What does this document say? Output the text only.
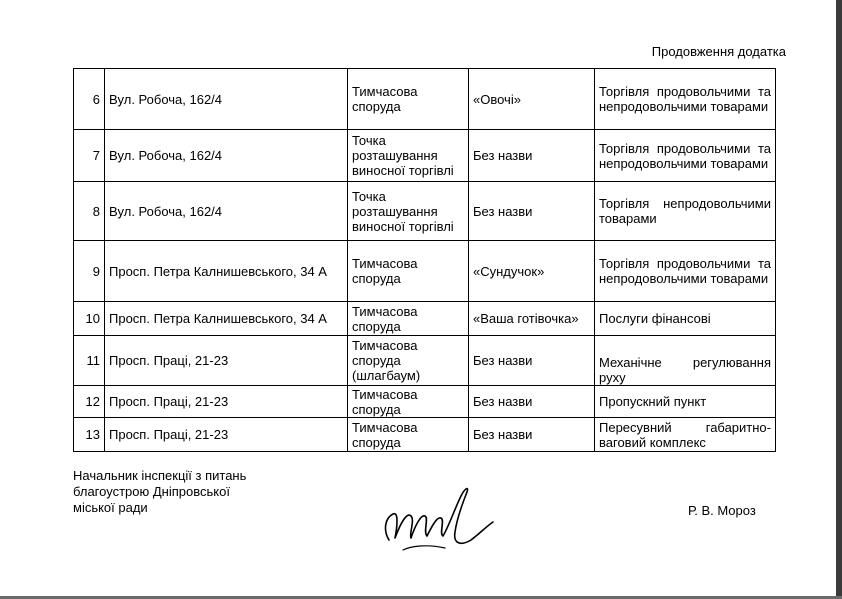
Продовження додатка
6	Вул. Робоча, 162/4	Тимчасова споруда	«Овочі»	Торгівля продовольчими та непродовольчими товарами
7	Вул. Робоча, 162/4	Точка розташування виносної торгівлі	Без назви	Торгівля продовольчими та непродовольчими товарами
8	Вул. Робоча, 162/4	Точка розташування виносної торгівлі	Без назви	Торгівля непродовольчими товарами
9	Просп. Петра Калнишевського, 34 А	Тимчасова споруда	«Сундучок»	Торгівля продовольчими та непродовольчими товарами
10	Просп. Петра Калнишевського, 34 А	Тимчасова споруда	«Ваша готівочка»	Послуги фінансові
11	Просп. Праці, 21-23	Тимчасова споруда (шлагбаум)	Без назви	Механічне регулювання руху
12	Просп. Праці, 21-23	Тимчасова споруда	Без назви	Пропускний пункт
13	Просп. Праці, 21-23	Тимчасова споруда	Без назви	Пересувний габаритно-ваговий комплекс
Начальник інспекції з питань
благоустрою Дніпровської
міської ради	Р. В. Мороз
